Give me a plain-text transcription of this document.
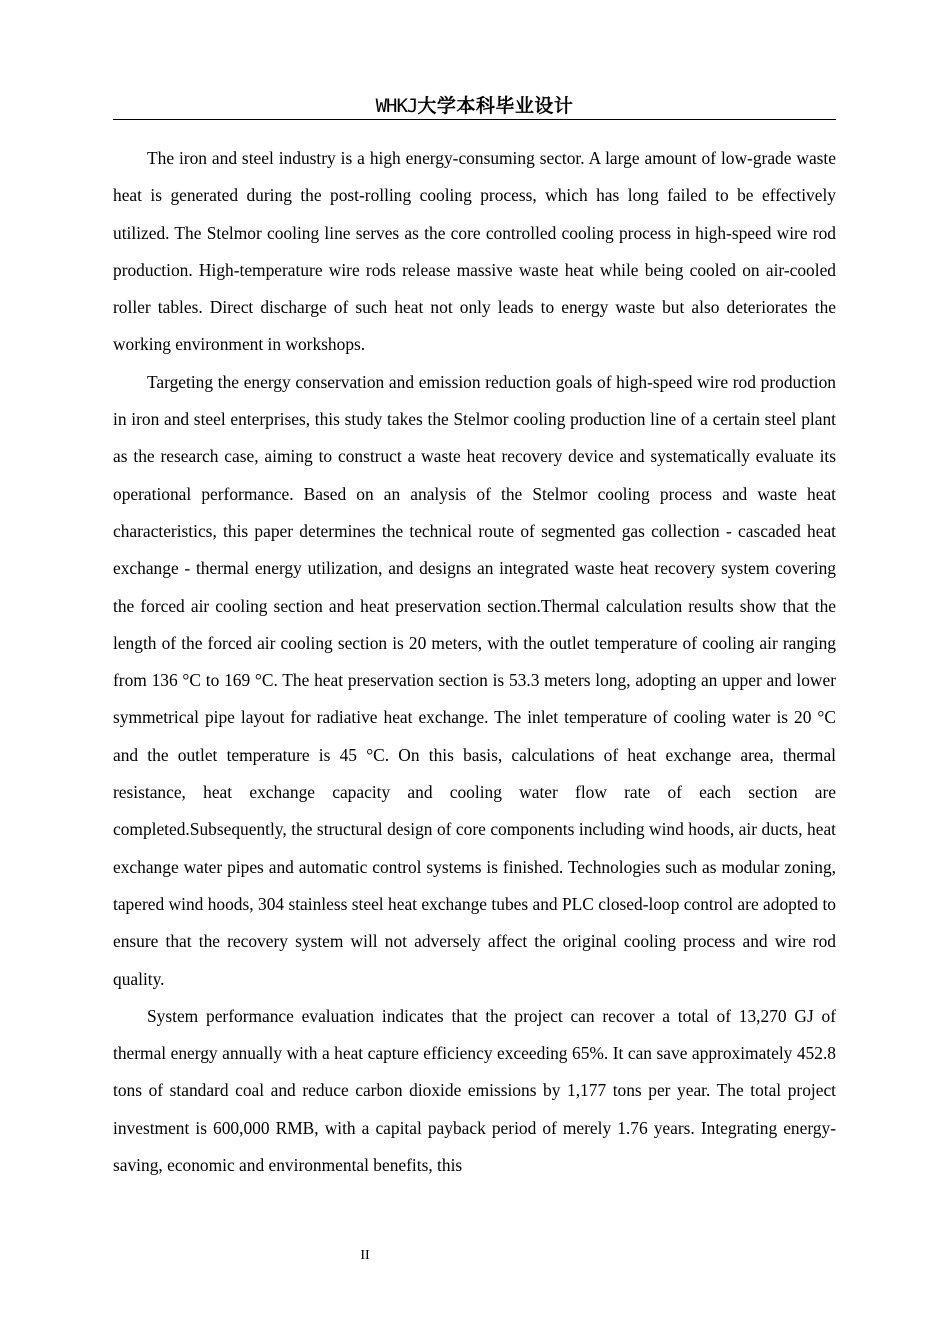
WHKJ大学本科毕业设计

The iron and steel industry is a high energy-consuming sector. A large amount of low-grade waste heat is generated during the post-rolling cooling process, which has long failed to be effectively utilized. The Stelmor cooling line serves as the core controlled cooling process in high-speed wire rod production. High-temperature wire rods release massive waste heat while being cooled on air-cooled roller tables. Direct discharge of such heat not only leads to energy waste but also deteriorates the working environment in workshops.

Targeting the energy conservation and emission reduction goals of high-speed wire rod production in iron and steel enterprises, this study takes the Stelmor cooling production line of a certain steel plant as the research case, aiming to construct a waste heat recovery device and systematically evaluate its operational performance. Based on an analysis of the Stelmor cooling process and waste heat characteristics, this paper determines the technical route of segmented gas collection - cascaded heat exchange - thermal energy utilization, and designs an integrated waste heat recovery system covering the forced air cooling section and heat preservation section.Thermal calculation results show that the length of the forced air cooling section is 20 meters, with the outlet temperature of cooling air ranging from 136 °C to 169 °C. The heat preservation section is 53.3 meters long, adopting an upper and lower symmetrical pipe layout for radiative heat exchange. The inlet temperature of cooling water is 20 °C and the outlet temperature is 45 °C. On this basis, calculations of heat exchange area, thermal resistance, heat exchange capacity and cooling water flow rate of each section are completed.Subsequently, the structural design of core components including wind hoods, air ducts, heat exchange water pipes and automatic control systems is finished. Technologies such as modular zoning, tapered wind hoods, 304 stainless steel heat exchange tubes and PLC closed-loop control are adopted to ensure that the recovery system will not adversely affect the original cooling process and wire rod quality.

System performance evaluation indicates that the project can recover a total of 13,270 GJ of thermal energy annually with a heat capture efficiency exceeding 65%. It can save approximately 452.8 tons of standard coal and reduce carbon dioxide emissions by 1,177 tons per year. The total project investment is 600,000 RMB, with a capital payback period of merely 1.76 years. Integrating energy-saving, economic and environmental benefits, this

II
